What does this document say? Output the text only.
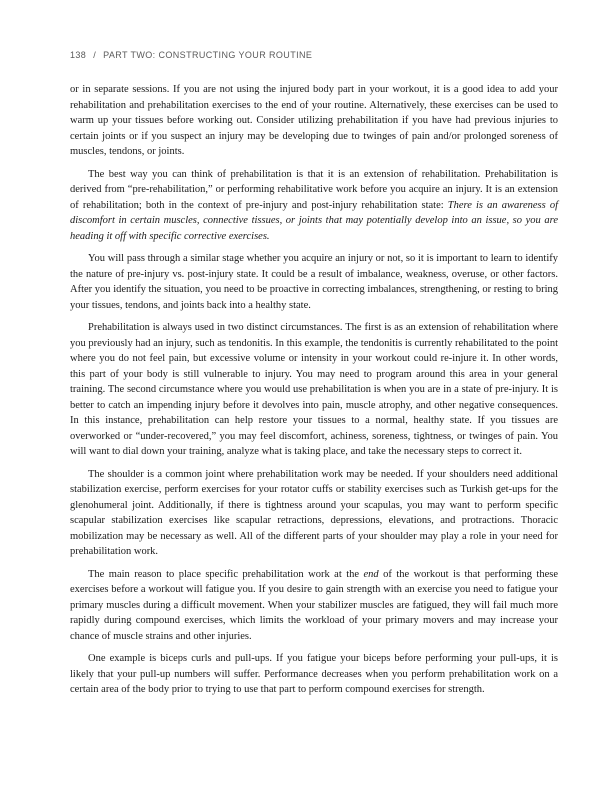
138 / PART TWO: CONSTRUCTING YOUR ROUTINE

or in separate sessions. If you are not using the injured body part in your workout, it is a good idea to add your rehabilitation and prehabilitation exercises to the end of your routine. Alternatively, these exercises can be used to warm up your tissues before working out. Consider utilizing prehabilitation if you have had previous injuries to certain joints or if you suspect an injury may be developing due to twinges of pain and/or prolonged soreness of muscles, tendons, or joints.

The best way you can think of prehabilitation is that it is an extension of rehabilitation. Prehabilitation is derived from “pre-rehabilitation,” or performing rehabilitative work before you acquire an injury. It is an extension of rehabilitation; both in the context of pre-injury and post-injury rehabilitation state: There is an awareness of discomfort in certain muscles, connective tissues, or joints that may potentially develop into an issue, so you are heading it off with specific corrective exercises.

You will pass through a similar stage whether you acquire an injury or not, so it is important to learn to identify the nature of pre-injury vs. post-injury state. It could be a result of imbalance, weakness, overuse, or other factors. After you identify the situation, you need to be proactive in correcting imbalances, strengthening, or resting to bring your tissues, tendons, and joints back into a healthy state.

Prehabilitation is always used in two distinct circumstances. The first is as an extension of rehabilitation where you previously had an injury, such as tendonitis. In this example, the tendonitis is currently rehabilitated to the point where you do not feel pain, but excessive volume or intensity in your workout could re-injure it. In other words, this part of your body is still vulnerable to injury. You may need to program around this area in your general training. The second circumstance where you would use prehabilitation is when you are in a state of pre-injury. It is better to catch an impending injury before it devolves into pain, muscle atrophy, and other negative consequences. In this instance, prehabilitation can help restore your tissues to a normal, healthy state. If you tissues are overworked or “under-recovered,” you may feel discomfort, achiness, soreness, tightness, or twinges of pain. You will want to dial down your training, analyze what is taking place, and take the necessary steps to correct it.

The shoulder is a common joint where prehabilitation work may be needed. If your shoulders need additional stabilization exercise, perform exercises for your rotator cuffs or stability exercises such as Turkish get-ups for the glenohumeral joint. Additionally, if there is tightness around your scapulas, you may want to perform specific scapular stabilization exercises like scapular retractions, depressions, elevations, and protractions. Thoracic mobilization may be necessary as well. All of the different parts of your shoulder may play a role in your need for prehabilitation work.

The main reason to place specific prehabilitation work at the end of the workout is that performing these exercises before a workout will fatigue you. If you desire to gain strength with an exercise you need to fatigue your primary muscles during a difficult movement. When your stabilizer muscles are fatigued, they will fail much more rapidly during compound exercises, which limits the workload of your primary movers and may increase your chance of muscle strains and other injuries.

One example is biceps curls and pull-ups. If you fatigue your biceps before performing your pull-ups, it is likely that your pull-up numbers will suffer. Performance decreases when you perform prehabilitation work on a certain area of the body prior to trying to use that part to perform compound exercises for strength.
